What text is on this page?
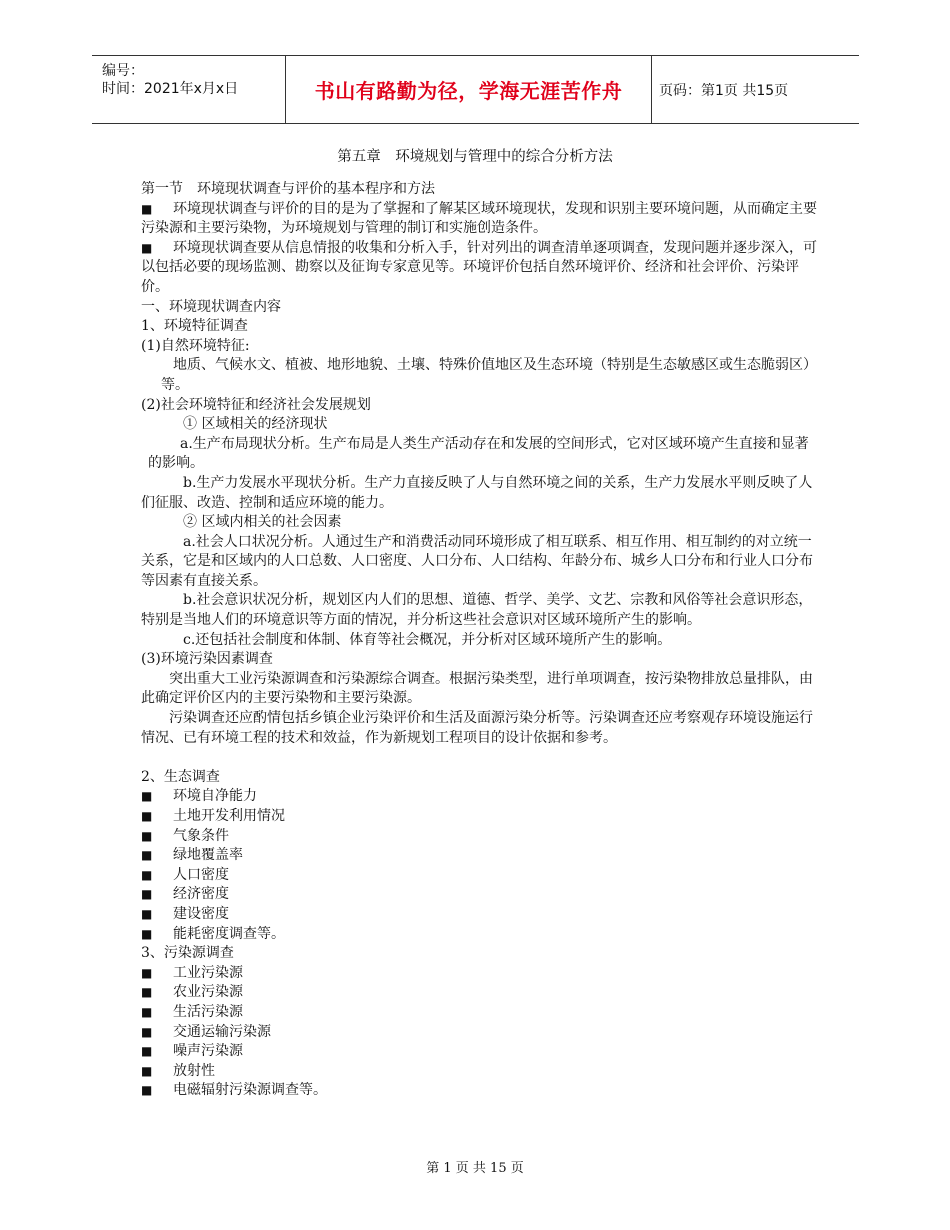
编号：
时间：2021年x月x日	书山有路勤为径，学海无涯苦作舟	页码：第1页 共15页
第五章　环境规划与管理中的综合分析方法

第一节　环境现状调查与评价的基本程序和方法

■ 环境现状调查与评价的目的是为了掌握和了解某区域环境现状，发现和识别主要环境问题，从而确定主要污染源和主要污染物，为环境规划与管理的制订和实施创造条件。

■ 环境现状调查要从信息情报的收集和分析入手，针对列出的调查清单逐项调查，发现问题并逐步深入，可以包括必要的现场监测、勘察以及征询专家意见等。环境评价包括自然环境评价、经济和社会评价、污染评价。

一、环境现状调查内容

1、环境特征调查

(1)自然环境特征:

地质、气候水文、植被、地形地貌、土壤、特殊价值地区及生态环境（特别是生态敏感区或生态脆弱区）等。

(2)社会环境特征和经济社会发展规划

① 区域相关的经济现状

a.生产布局现状分析。生产布局是人类生产活动存在和发展的空间形式，它对区域环境产生直接和显著的影响。

b.生产力发展水平现状分析。生产力直接反映了人与自然环境之间的关系，生产力发展水平则反映了人们征服、改造、控制和适应环境的能力。

② 区域内相关的社会因素

a.社会人口状况分析。人通过生产和消费活动同环境形成了相互联系、相互作用、相互制约的对立统一关系，它是和区域内的人口总数、人口密度、人口分布、人口结构、年龄分布、城乡人口分布和行业人口分布等因素有直接关系。

b.社会意识状况分析，规划区内人们的思想、道德、哲学、美学、文艺、宗教和风俗等社会意识形态，特别是当地人们的环境意识等方面的情况，并分析这些社会意识对区域环境所产生的影响。

c.还包括社会制度和体制、体育等社会概况，并分析对区域环境所产生的影响。

(3)环境污染因素调查

突出重大工业污染源调查和污染源综合调查。根据污染类型，进行单项调查，按污染物排放总量排队，由此确定评价区内的主要污染物和主要污染源。

污染调查还应酌情包括乡镇企业污染评价和生活及面源污染分析等。污染调查还应考察观存环境设施运行情况、已有环境工程的技术和效益，作为新规划工程项目的设计依据和参考。

2、生态调查

■ 环境自净能力

■ 土地开发利用情况

■ 气象条件

■ 绿地覆盖率

■ 人口密度

■ 经济密度

■ 建设密度

■ 能耗密度调查等。

3、污染源调查

■ 工业污染源

■ 农业污染源

■ 生活污染源

■ 交通运输污染源

■ 噪声污染源

■ 放射性

■ 电磁辐射污染源调查等。

第 1 页 共 15 页
